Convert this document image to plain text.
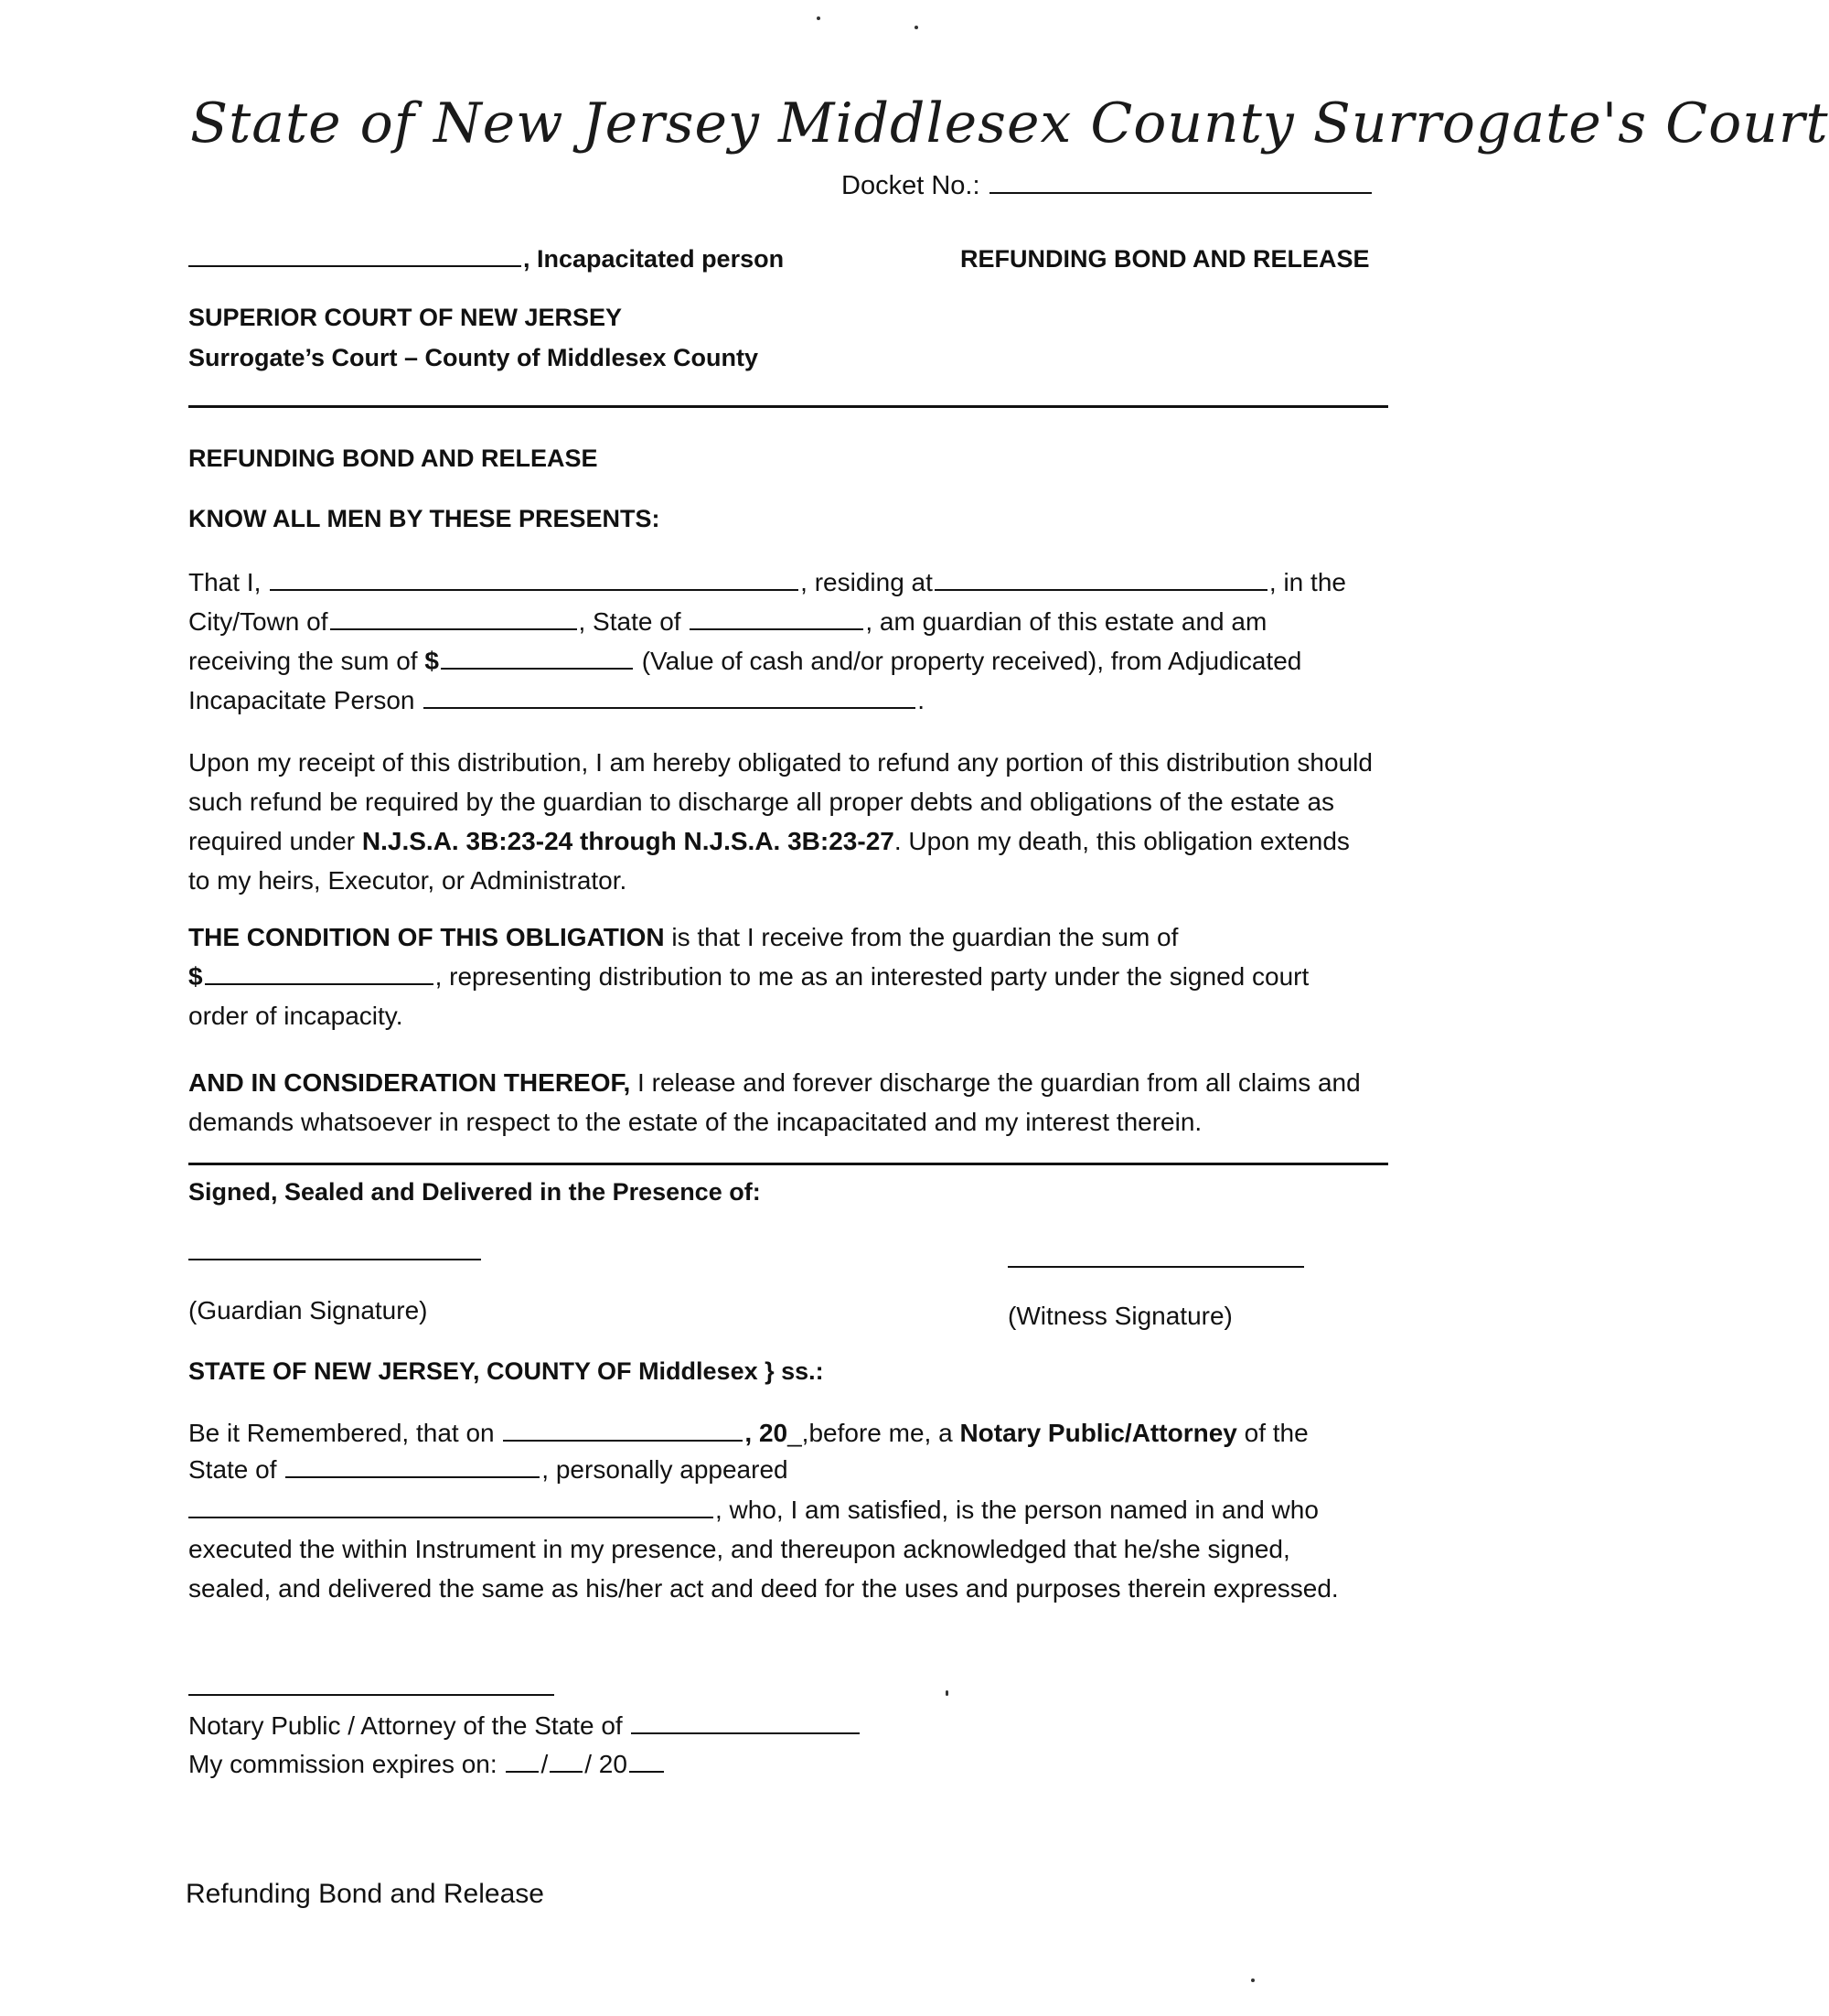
State of New Jersey Middlesex County Surrogate's Court
Docket No.:
, Incapacitated person	REFUNDING BOND AND RELEASE
SUPERIOR COURT OF NEW JERSEY
Surrogate’s Court – County of Middlesex County
REFUNDING BOND AND RELEASE
KNOW ALL MEN BY THESE PRESENTS:
That I,	, residing at	, in the
City/Town of	, State of	, am guardian of this estate and am
receiving the sum of $	(Value of cash and/or property received), from Adjudicated
Incapacitate Person	.

Upon my receipt of this distribution, I am hereby obligated to refund any portion of this distribution should such refund be required by the guardian to discharge all proper debts and obligations of the estate as required under N.J.S.A. 3B:23-24 through N.J.S.A. 3B:23-27. Upon my death, this obligation extends to my heirs, Executor, or Administrator.

THE CONDITION OF THIS OBLIGATION is that I receive from the guardian the sum of
$	, representing distribution to me as an interested party under the signed court
order of incapacity.

AND IN CONSIDERATION THEREOF, I release and forever discharge the guardian from all claims and demands whatsoever in respect to the estate of the incapacitated and my interest therein.

Signed, Sealed and Delivered in the Presence of:
(Guardian Signature)	(Witness Signature)
STATE OF NEW JERSEY, COUNTY OF Middlesex } ss.:
Be it Remembered, that on	, 20_,before me, a Notary Public/Attorney of the
State of	, personally appeared
, who, I am satisfied, is the person named in and who

executed the within Instrument in my presence, and thereupon acknowledged that he/she signed, sealed, and delivered the same as his/her act and deed for the uses and purposes therein expressed.

Notary Public / Attorney of the State of
My commission expires on: / / 20
Refunding Bond and Release
